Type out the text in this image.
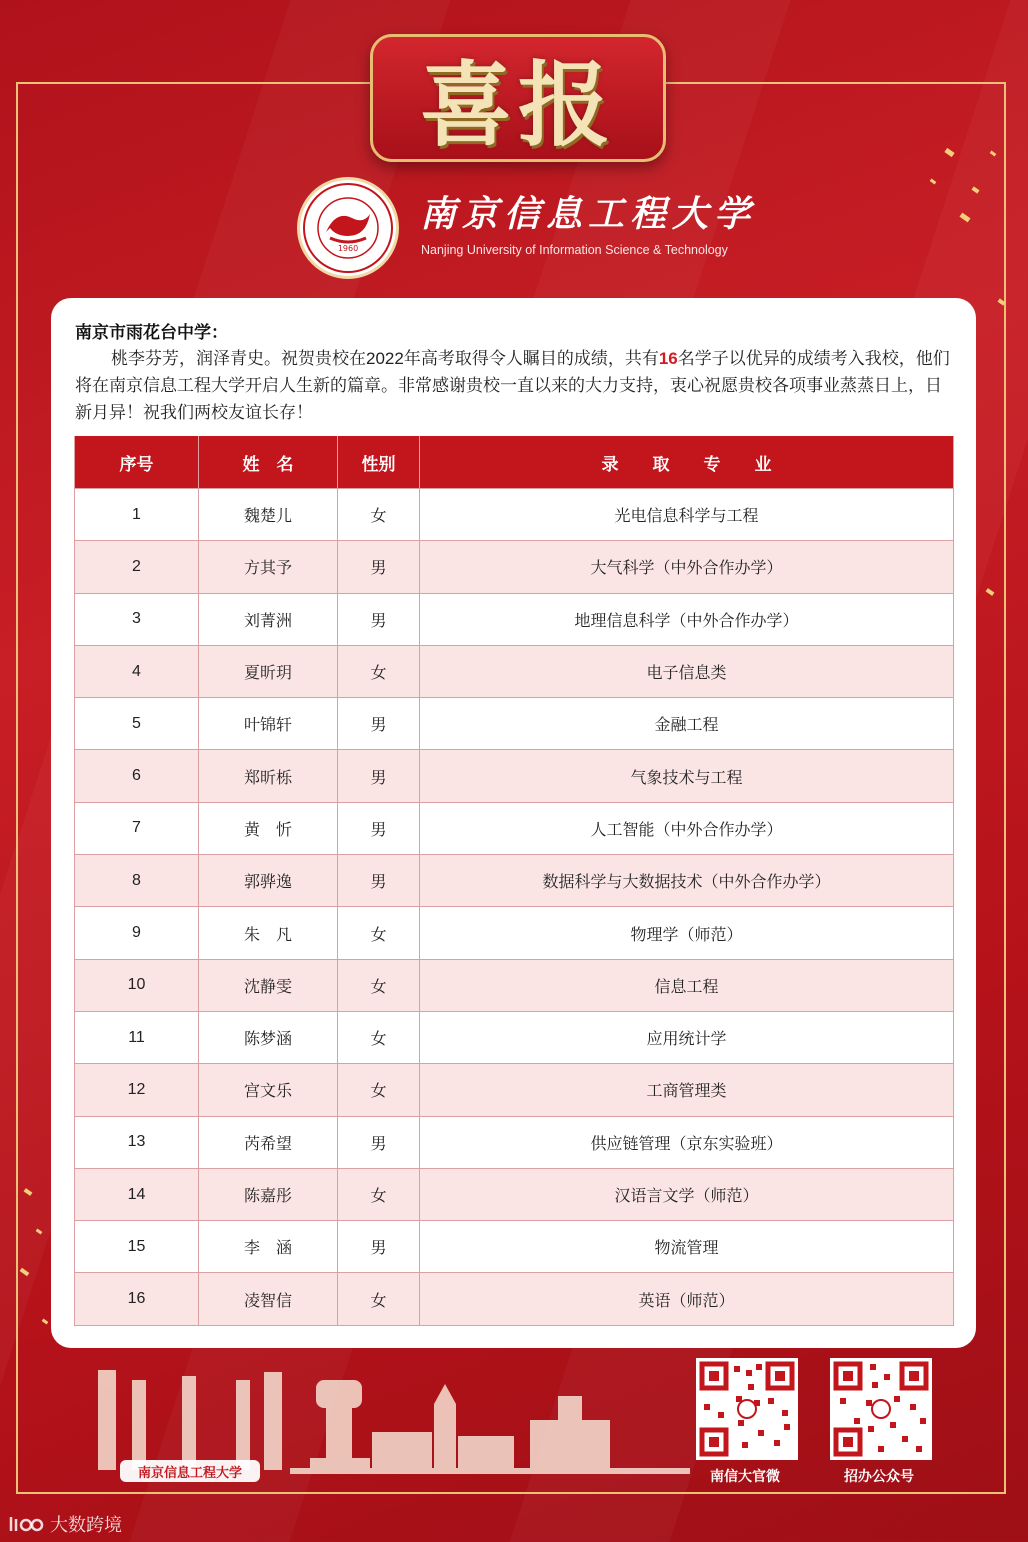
喜报
1960
南京信息工程大学
Nanjing University of Information Science & Technology
南京市雨花台中学：

桃李芬芳，润泽青史。祝贺贵校在2022年高考取得令人瞩目的成绩，共有16名学子以优异的成绩考入我校，他们将在南京信息工程大学开启人生新的篇章。非常感谢贵校一直以来的大力支持，衷心祝愿贵校各项事业蒸蒸日上，日新月异！祝我们两校友谊长存！

序号	姓　名	性别	录　　取　　专　　业
1	魏楚儿	女	光电信息科学与工程
2	方其予	男	大气科学（中外合作办学）
3	刘菁洲	男	地理信息科学（中外合作办学）
4	夏昕玥	女	电子信息类
5	叶锦轩	男	金融工程
6	郑昕栎	男	气象技术与工程
7	黄　忻	男	人工智能（中外合作办学）
8	郭骅逸	男	数据科学与大数据技术（中外合作办学）
9	朱　凡	女	物理学（师范）
10	沈静雯	女	信息工程
11	陈梦涵	女	应用统计学
12	宫文乐	女	工商管理类
13	芮希望	男	供应链管理（京东实验班）
14	陈嘉彤	女	汉语言文学（师范）
15	李　涵	男	物流管理
16	凌智信	女	英语（师范）
南京信息工程大学	南信大官微	招办公众号
大数跨境
